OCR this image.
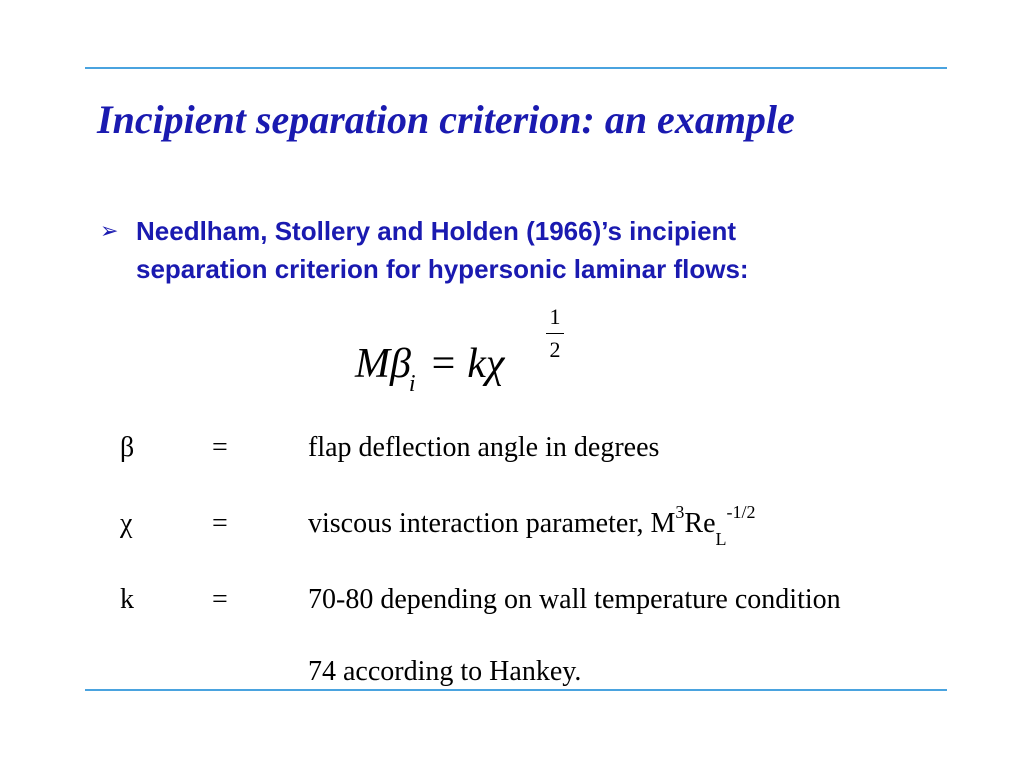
Incipient separation criterion: an example
➢ Needlham, Stollery and Holden (1966)’s incipient
separation criterion for hypersonic laminar flows:
$M\beta_i = k\chi$
1
2
β	=	flap deflection angle in degrees
χ	=	viscous interaction parameter, $M^3Re_L^{-1/2}$
k	=	70-80 depending on wall temperature condition
74 according to Hankey.
